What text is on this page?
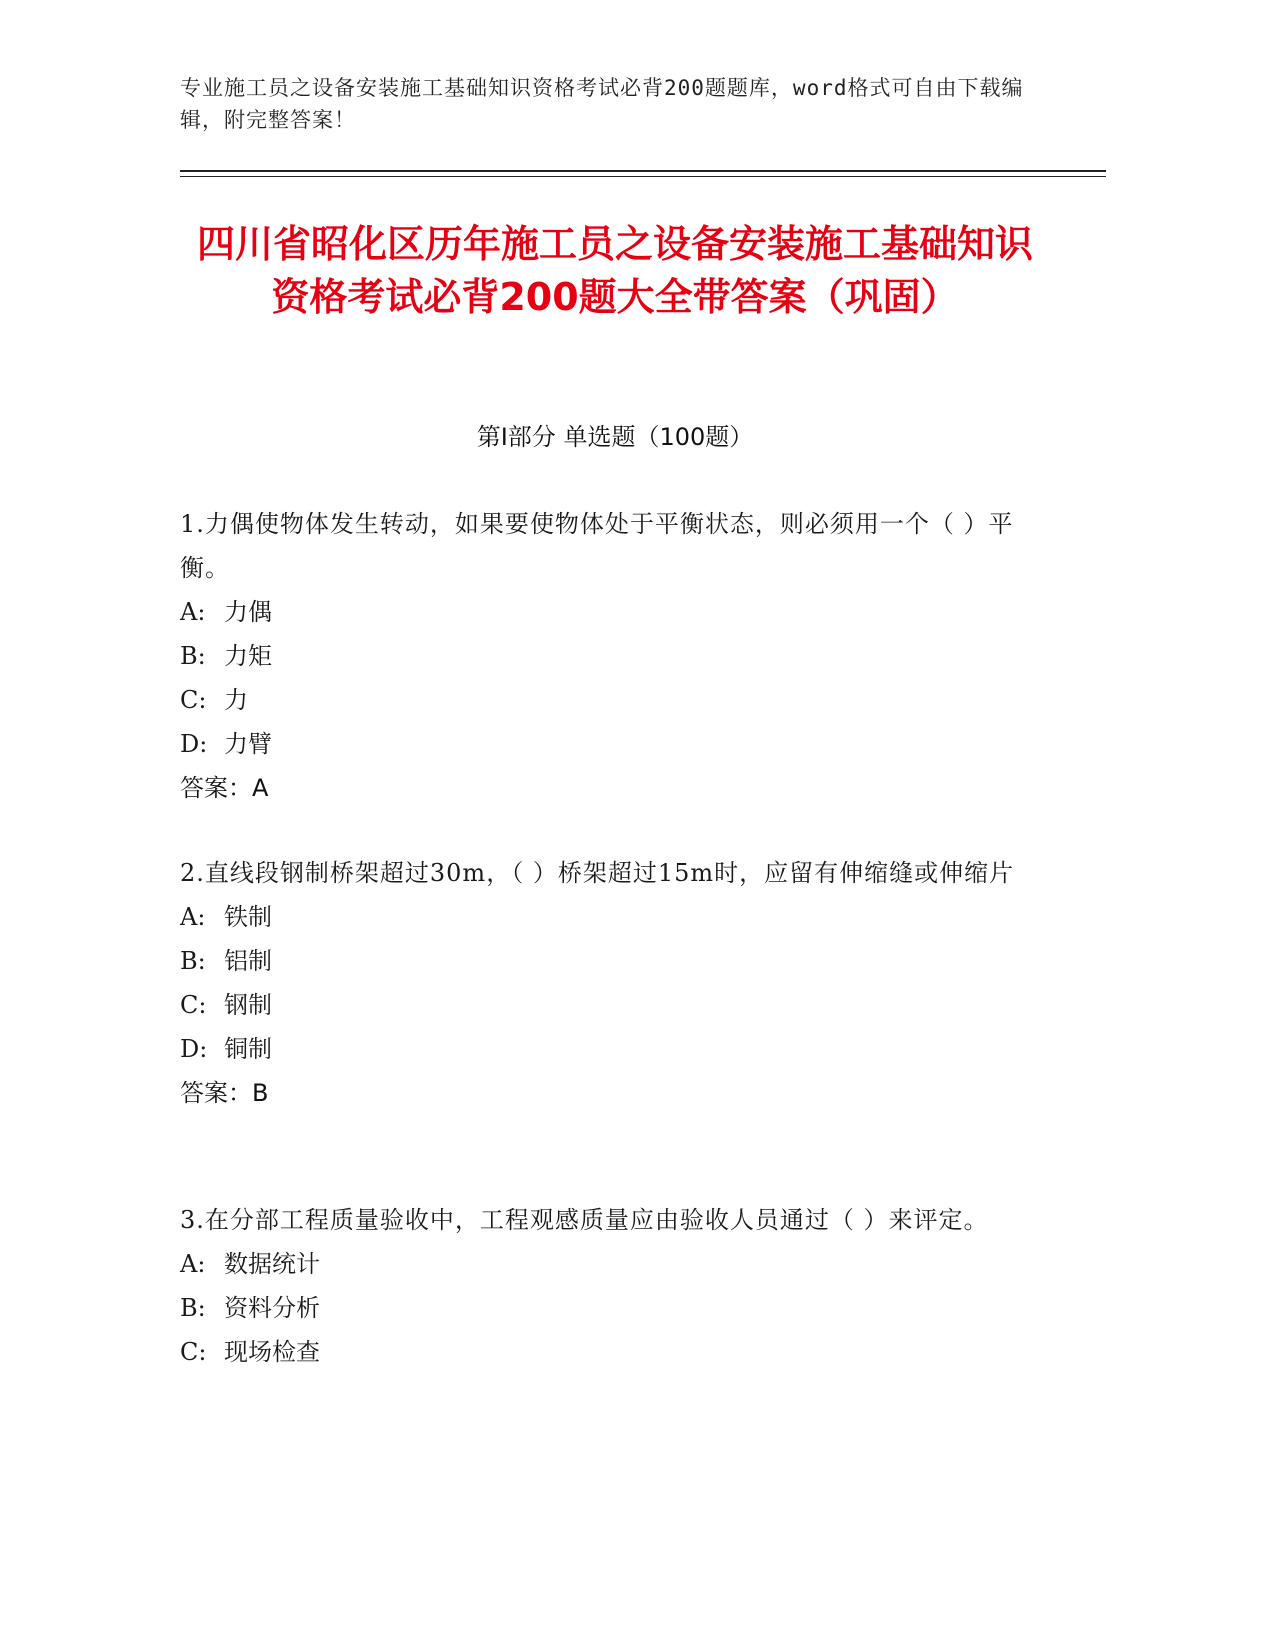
专业施工员之设备安装施工基础知识资格考试必背200题题库，word格式可自由下载编辑，附完整答案！
四川省昭化区历年施工员之设备安装施工基础知识资格考试必背200题大全带答案（巩固）
第I部分 单选题（100题）
1.力偶使物体发生转动，如果要使物体处于平衡状态，则必须用一个（ ）平衡。
A: 力偶
B: 力矩
C: 力
D: 力臂
答案：A
2.直线段钢制桥架超过30m，（ ）桥架超过15m时，应留有伸缩缝或伸缩片
A: 铁制
B: 铝制
C: 钢制
D: 铜制
答案：B
3.在分部工程质量验收中，工程观感质量应由验收人员通过（ ）来评定。
A: 数据统计
B: 资料分析
C: 现场检查
